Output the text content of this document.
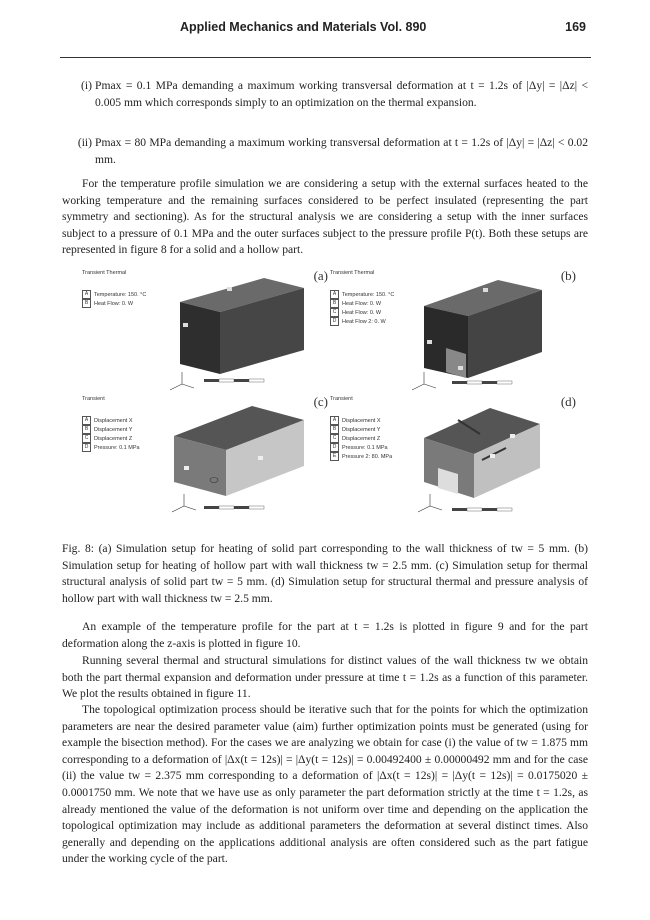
Applied Mechanics and Materials Vol. 890	169
(i) Pmax = 0.1 MPa demanding a maximum working transversal deformation at t = 1.2s of |Δy| = |Δz| < 0.005 mm which corresponds simply to an optimization on the thermal expansion.
(ii) Pmax = 80 MPa demanding a maximum working transversal deformation at t = 1.2s of |Δy| = |Δz| < 0.02 mm.
For the temperature profile simulation we are considering a setup with the external surfaces heated to the working temperature and the remaining surfaces considered to be perfect insulated (representing the part symmetry and sectioning). As for the structural analysis we are considering a setup with the inner surfaces subject to a pressure of 0.1 MPa and the outer surfaces subject to the pressure profile P(t). Both these setups are represented in figure 8 for a solid and a hollow part.
Transient Thermal	(a)
A Temperature: 150. °C
B Heat Flow: 0. W
Transient Thermal	(b)
A Temperature: 150. °C
B Heat Flow: 0. W
C Heat Flow: 0. W
D Heat Flow 2: 0. W
Transient	(c)
A Displacement X
B Displacement Y
C Displacement Z
D Pressure: 0.1 MPa
Transient	(d)
A Displacement X
B Displacement Y
C Displacement Z
D Pressure: 0.1 MPa
E Pressure 2: 80. MPa
Fig. 8: (a) Simulation setup for heating of solid part corresponding to the wall thickness of tw = 5 mm. (b) Simulation setup for heating of hollow part with wall thickness tw = 2.5 mm. (c) Simulation setup for thermal structural analysis of solid part tw = 5 mm. (d) Simulation setup for structural thermal and pressure analysis of hollow part with wall thickness tw = 2.5 mm.
An example of the temperature profile for the part at t = 1.2s is plotted in figure 9 and for the part deformation along the z-axis is plotted in figure 10.
Running several thermal and structural simulations for distinct values of the wall thickness tw we obtain both the part thermal expansion and deformation under pressure at time t = 1.2s as a function of this parameter. We plot the results obtained in figure 11.
The topological optimization process should be iterative such that for the points for which the optimization parameters are near the desired parameter value (aim) further optimization points must be generated (using for example the bisection method). For the cases we are analyzing we obtain for case (i) the value of tw = 1.875 mm corresponding to a deformation of |Δx(t = 12s)| = |Δy(t = 12s)| = 0.00492400 ± 0.00000492 mm and for the case (ii) the value tw = 2.375 mm corresponding to a deformation of |Δx(t = 12s)| = |Δy(t = 12s)| = 0.0175020 ± 0.0001750 mm. We note that we have use as only parameter the part deformation strictly at the time t = 1.2s, as already mentioned the value of the deformation is not uniform over time and depending on the application the topological optimization may include as additional parameters the deformation at several distinct times. Also generally and depending on the applications additional analysis are often considered such as the part fatigue under the working cycle of the part.
